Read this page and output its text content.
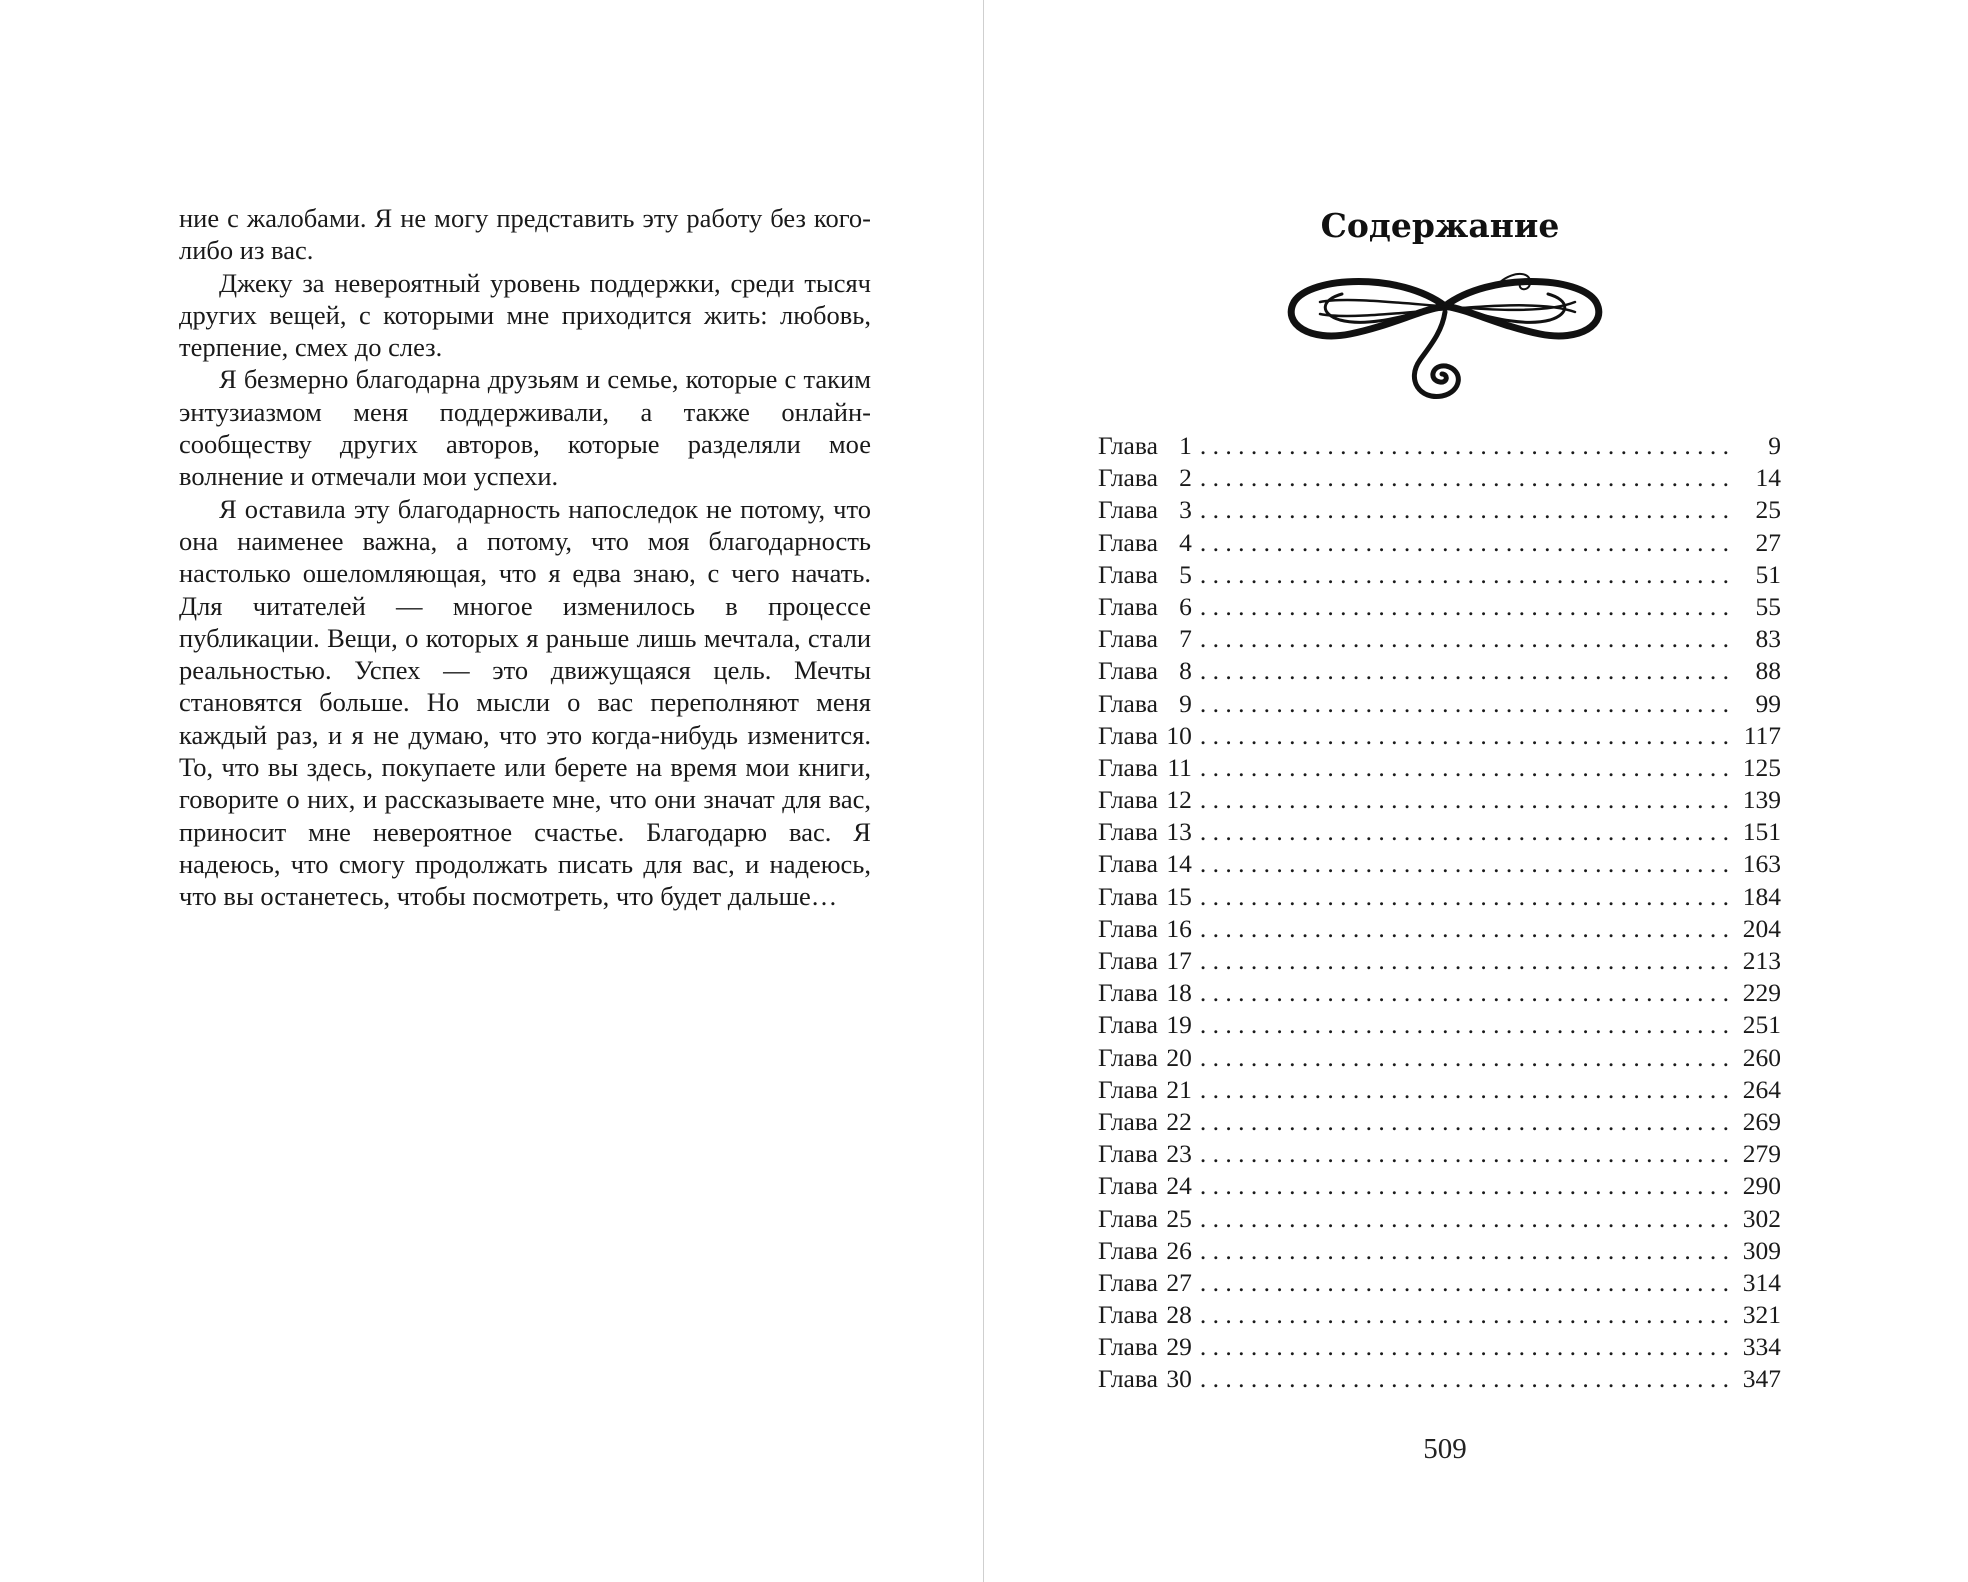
ние с жалобами. Я не могу представить эту работу без кого-либо из вас.

Джеку за невероятный уровень поддержки, среди тысяч других вещей, с которыми мне приходится жить: любовь, терпение, смех до слез.

Я безмерно благодарна друзьям и семье, которые с таким энтузиазмом меня поддерживали, а также онлайн-сообществу других авторов, которые разделяли мое волнение и отмечали мои успехи.

Я оставила эту благодарность напоследок не потому, что она наименее важна, а потому, что моя благодарность настолько ошеломляющая, что я едва знаю, с чего начать. Для читателей — многое изменилось в процессе публикации. Вещи, о которых я раньше лишь мечтала, стали реальностью. Успех — это движущаяся цель. Мечты становятся больше. Но мысли о вас переполняют меня каждый раз, и я не думаю, что это когда-нибудь изменится. То, что вы здесь, покупаете или берете на время мои книги, говорите о них, и рассказываете мне, что они значат для вас, приносит мне невероятное счастье. Благодарю вас. Я надеюсь, что смогу продолжать писать для вас, и надеюсь, что вы останетесь, чтобы посмотреть, что будет дальше…

Содержание
Глава 1 . . .	9
Глава 2 . . .	14
Глава 3 . . .	25
Глава 4 . . .	27
Глава 5 . . .	51
Глава 6 . . .	55
Глава 7 . . .	83
Глава 8 . . .	88
Глава 9 . . .	99
Глава 10 . . .	117
Глава 11 . . .	125
Глава 12 . . .	139
Глава 13 . . .	151
Глава 14 . . .	163
Глава 15 . . .	184
Глава 16 . . .	204
Глава 17 . . .	213
Глава 18 . . .	229
Глава 19 . . .	251
Глава 20 . . .	260
Глава 21 . . .	264
Глава 22 . . .	269
Глава 23 . . .	279
Глава 24 . . .	290
Глава 25 . . .	302
Глава 26 . . .	309
Глава 27 . . .	314
Глава 28 . . .	321
Глава 29 . . .	334
Глава 30 . . .	347
509
